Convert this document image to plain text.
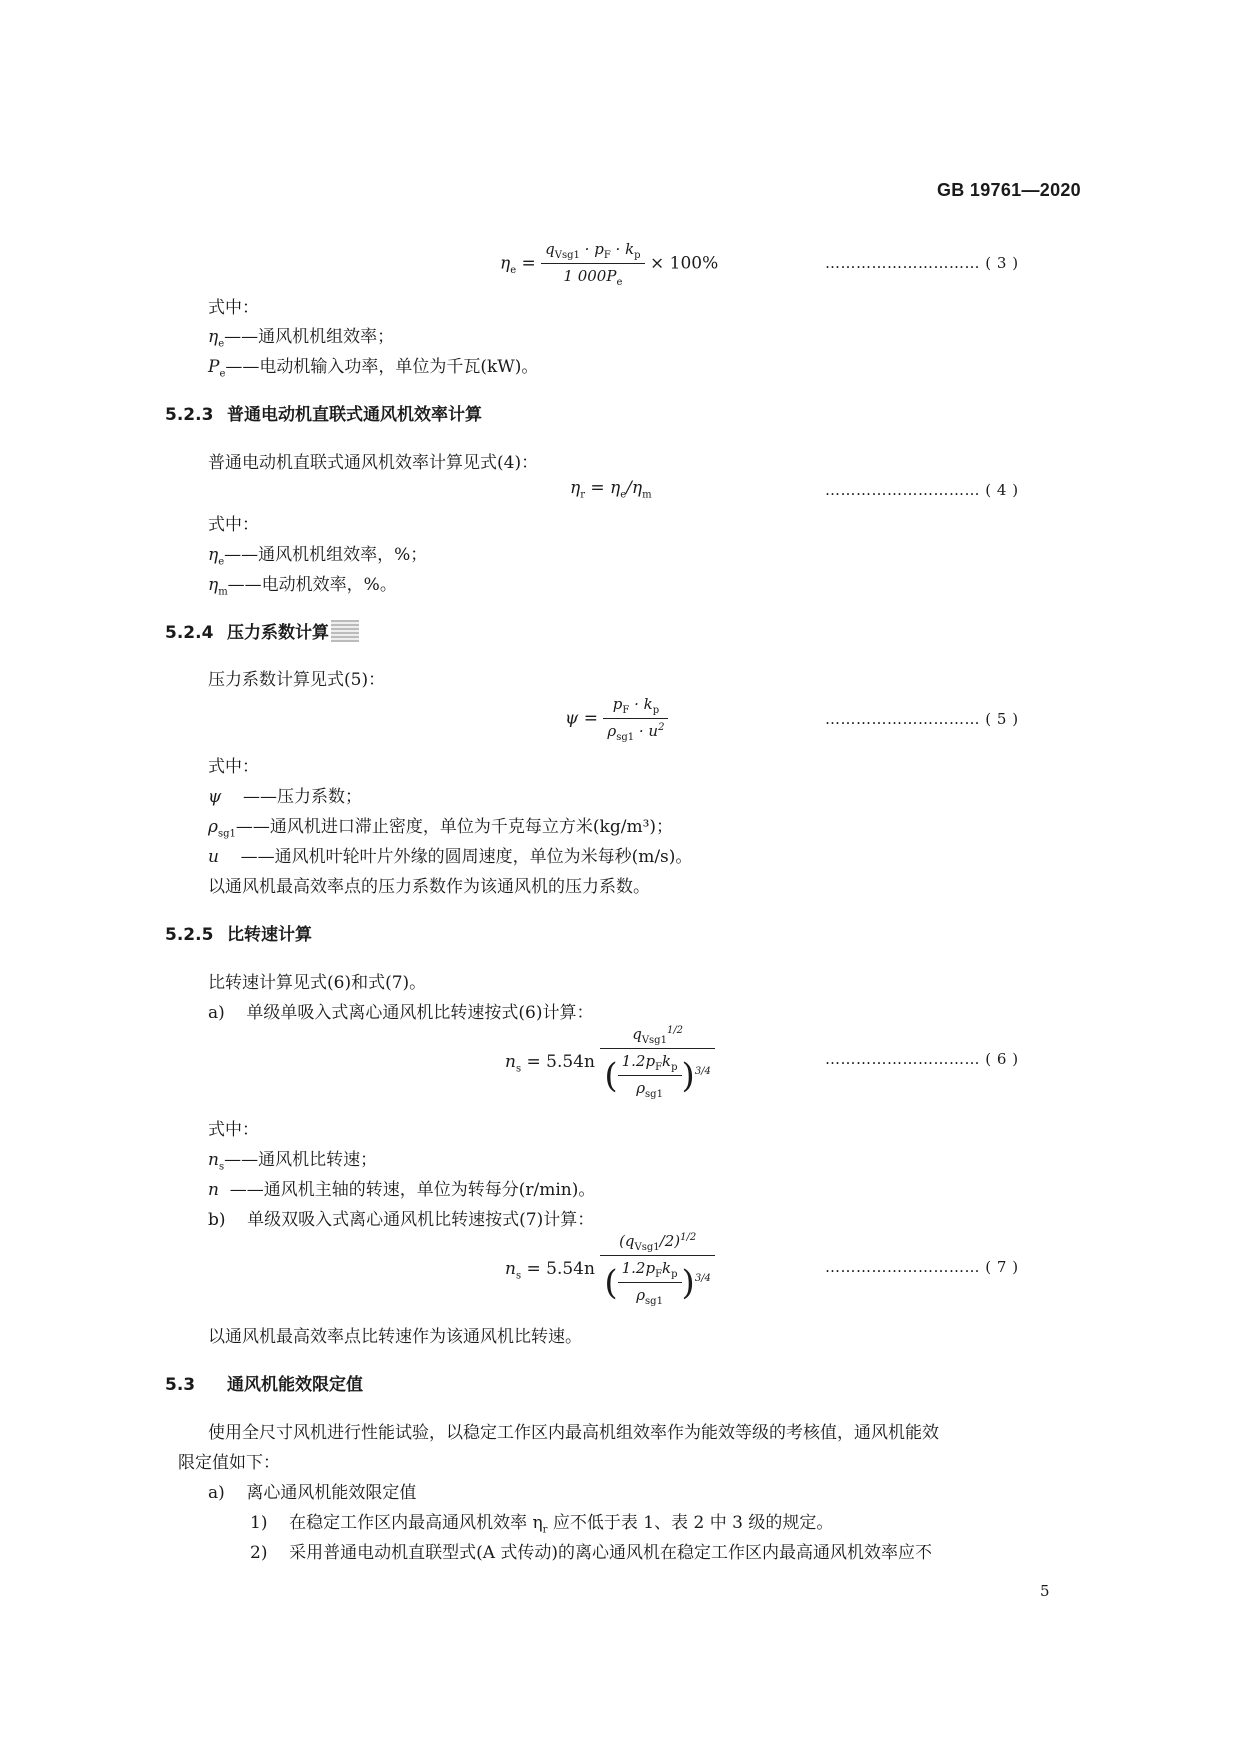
GB 19761—2020
$\eta_e = \frac{q_{Vsg1} \cdot p_F \cdot k_p}{1 000P_e} \times 100\%$	………………………… ( 3 )
式中：
$\eta_e——$通风机机组效率；
$P_e——$电动机输入功率，单位为千瓦(kW)。
5.2.3 普通电动机直联式通风机效率计算
普通电动机直联式通风机效率计算见式(4)：
$\eta_r = \eta_e/\eta_m$	………………………… ( 4 )
式中：
$\eta_e——$通风机机组效率，%；
$\eta_m——$电动机效率，%。
5.2.4 压力系数计算
压力系数计算见式(5)：
$\psi = \frac{p_F \cdot k_p}{\rho_{sg1} \cdot u^2}$	………………………… ( 5 )
式中：
ψ ——压力系数；
$\rho_{sg1}——$通风机进口滞止密度，单位为千克每立方米(kg/m³)；
u ——通风机叶轮叶片外缘的圆周速度，单位为米每秒(m/s)。
以通风机最高效率点的压力系数作为该通风机的压力系数。
5.2.5 比转速计算
比转速计算见式(6)和式(7)。
a) 单级单吸入式离心通风机比转速按式(6)计算：
$n_s = 5.54n \frac{q_{Vsg1}^{1/2}}{( \frac{1.2p_Fk_p}{\rho_{sg1}} )^{3/4}}$	………………………… ( 6 )
式中：
$n_s——$通风机比转速；
n ——通风机主轴的转速，单位为转每分(r/min)。
b) 单级双吸入式离心通风机比转速按式(7)计算：
$n_s = 5.54n \frac{(q_{Vsg1}/2)^{1/2}}{( \frac{1.2p_Fk_p}{\rho_{sg1}} )^{3/4}}$	………………………… ( 7 )
以通风机最高效率点比转速作为该通风机比转速。
5.3 通风机能效限定值
使用全尺寸风机进行性能试验，以稳定工作区内最高机组效率作为能效等级的考核值，通风机能效
限定值如下：
a) 离心通风机能效限定值
1) 在稳定工作区内最高通风机效率 $\eta_r$ 应不低于表 1、表 2 中 3 级的规定。
2) 采用普通电动机直联型式(A 式传动)的离心通风机在稳定工作区内最高通风机效率应不
5
